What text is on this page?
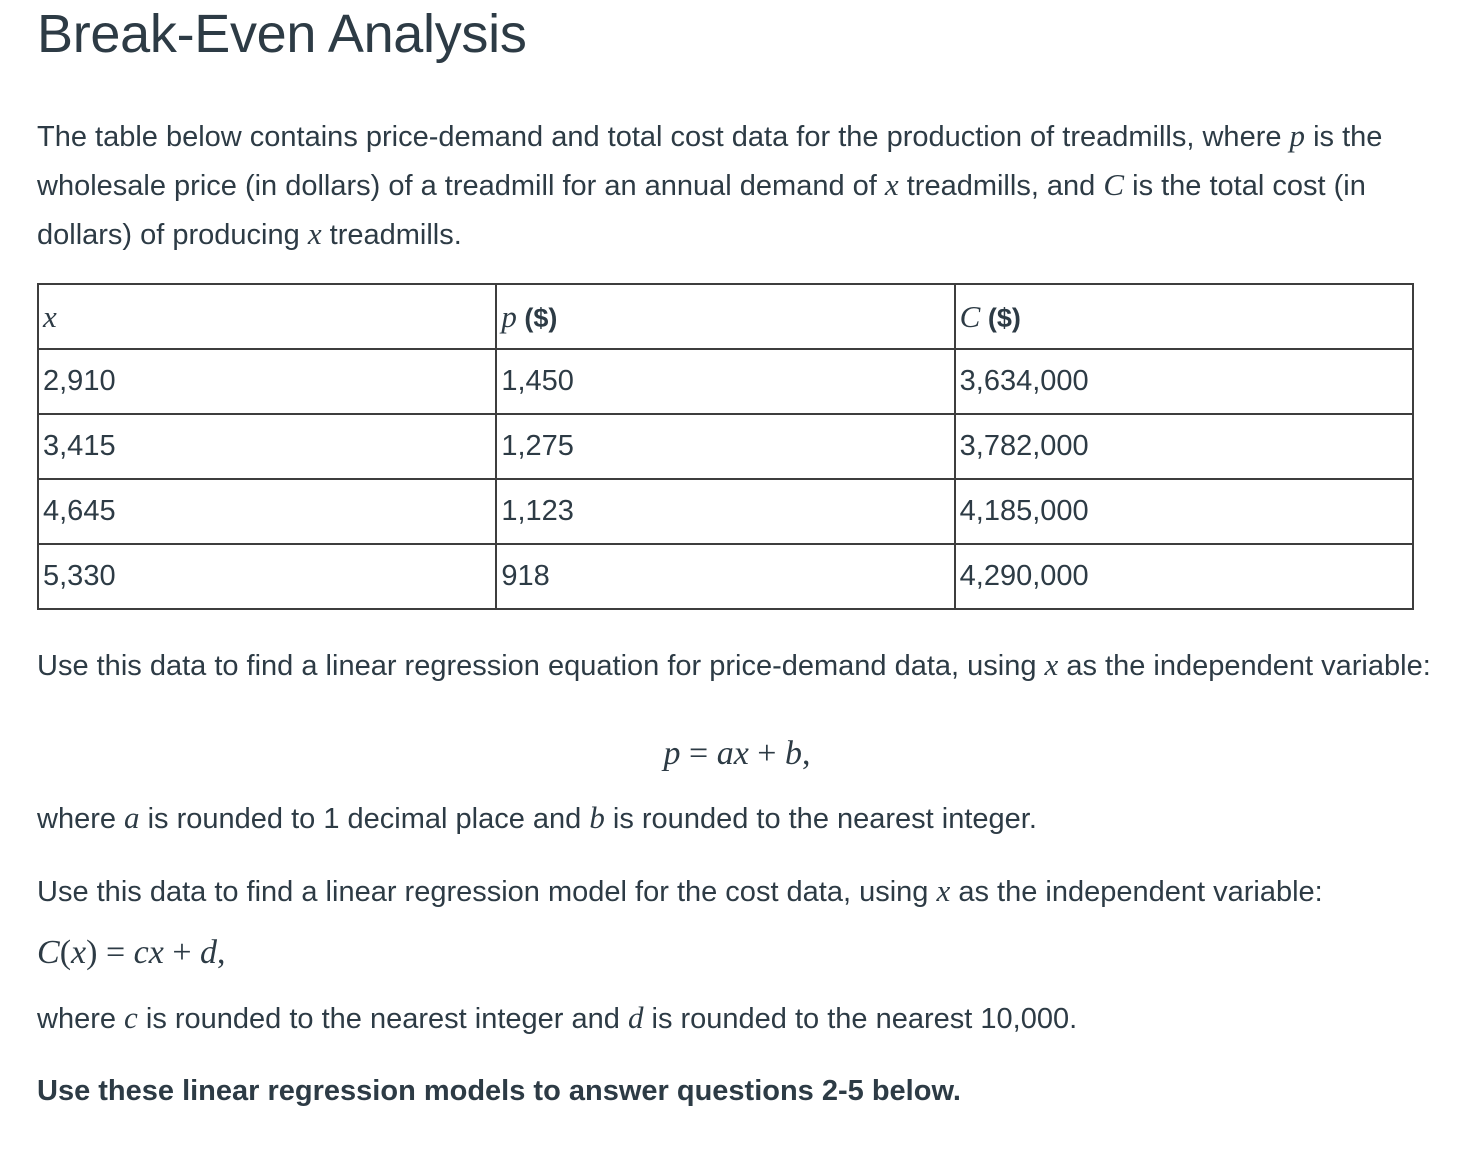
Break-Even Analysis

The table below contains price-demand and total cost data for the production of treadmills, where p is the wholesale price (in dollars) of a treadmill for an annual demand of x treadmills, and C is the total cost (in dollars) of producing x treadmills.

x	p ($)	C ($)
2,910	1,450	3,634,000
3,415	1,275	3,782,000
4,645	1,123	4,185,000
5,330	918	4,290,000

Use this data to find a linear regression equation for price-demand data, using x as the independent variable:

p = ax + b,

where a is rounded to 1 decimal place and b is rounded to the nearest integer.

Use this data to find a linear regression model for the cost data, using x as the independent variable:

C(x) = cx + d,

where c is rounded to the nearest integer and d is rounded to the nearest 10,000.

Use these linear regression models to answer questions 2-5 below.
